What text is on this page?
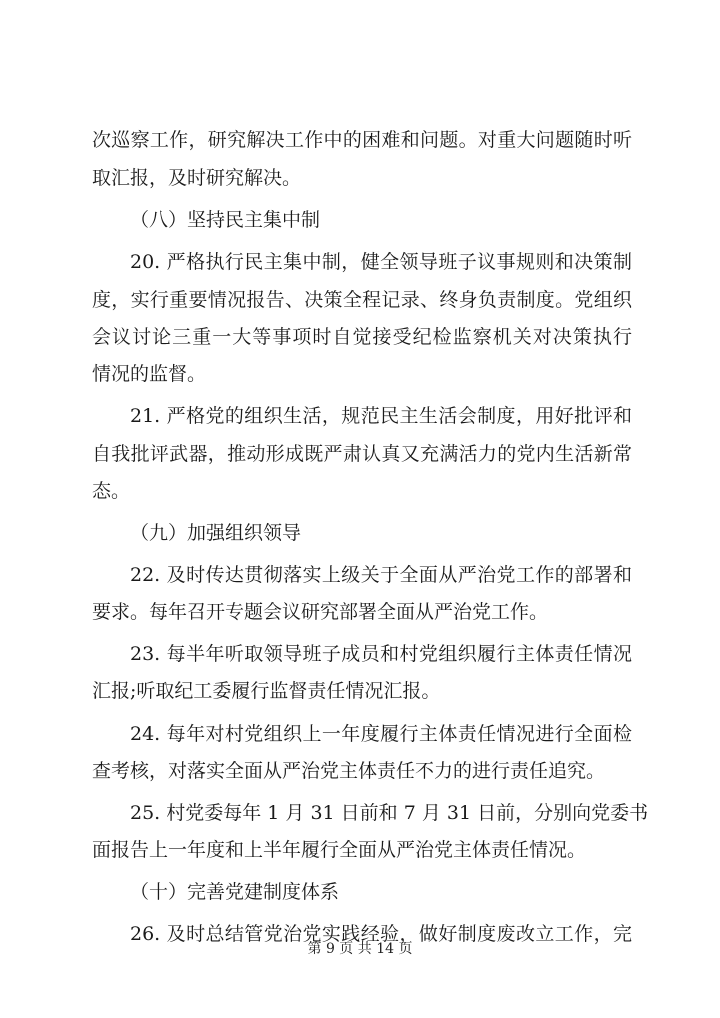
次巡察工作，研究解决工作中的困难和问题。对重大问题随时听
取汇报，及时研究解决。
（八）坚持民主集中制
20. 严格执行民主集中制，健全领导班子议事规则和决策制
度，实行重要情况报告、决策全程记录、终身负责制度。党组织
会议讨论三重一大等事项时自觉接受纪检监察机关对决策执行
情况的监督。
21. 严格党的组织生活，规范民主生活会制度，用好批评和
自我批评武器，推动形成既严肃认真又充满活力的党内生活新常
态。
（九）加强组织领导
22. 及时传达贯彻落实上级关于全面从严治党工作的部署和
要求。每年召开专题会议研究部署全面从严治党工作。
23. 每半年听取领导班子成员和村党组织履行主体责任情况
汇报;听取纪工委履行监督责任情况汇报。
24. 每年对村党组织上一年度履行主体责任情况进行全面检
查考核，对落实全面从严治党主体责任不力的进行责任追究。
25. 村党委每年 1 月 31 日前和 7 月 31 日前，分别向党委书
面报告上一年度和上半年履行全面从严治党主体责任情况。
（十）完善党建制度体系
26. 及时总结管党治党实践经验，做好制度废改立工作，完
第 9 页 共 14 页
